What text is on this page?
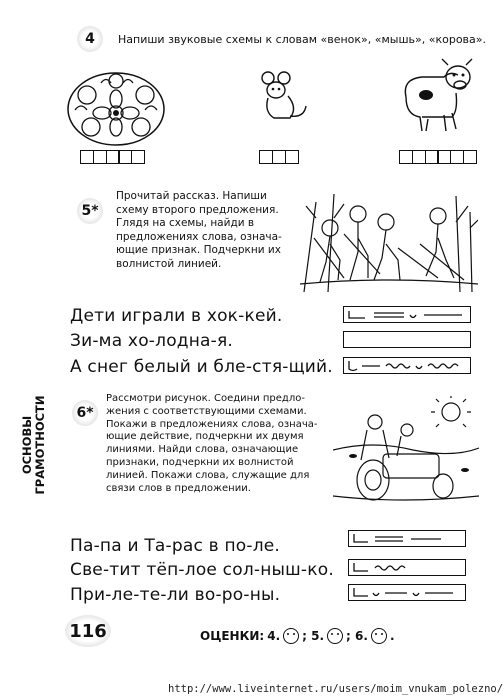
4	Напиши звуковые схемы к словам «венок», «мышь», «корова».
5*
Прочитай рассказ. Напиши
схему второго предложения.
Глядя на схемы, найди в
предложениях слова, означа-
ющие признак. Подчеркни их
волнистой линией.
Дети играли в хок-кей.
Зи-ма хо-лодна-я.
А снег белый и бле-стя-щий.
ОСНОВЫ ГРАМОТНОСТИ	6*
Рассмотри рисунок. Соедини предло-
жения с соответствующими схемами.
Покажи в предложениях слова, означа-
ющие действие, подчеркни их двумя
линиями. Найди слова, означающие
признаки, подчеркни их волнистой
линией. Покажи слова, служащие для
связи слов в предложении.
Па-па и Та-рас в по-ле.
Све-тит тёп-лое сол-ныш-ко.
При-ле-те-ли во-ро-ны.
116	ОЦЕНКИ: 4. ; 5. ; 6. .
http://www.liveinternet.ru/users/moim_vnukam_polezno/
